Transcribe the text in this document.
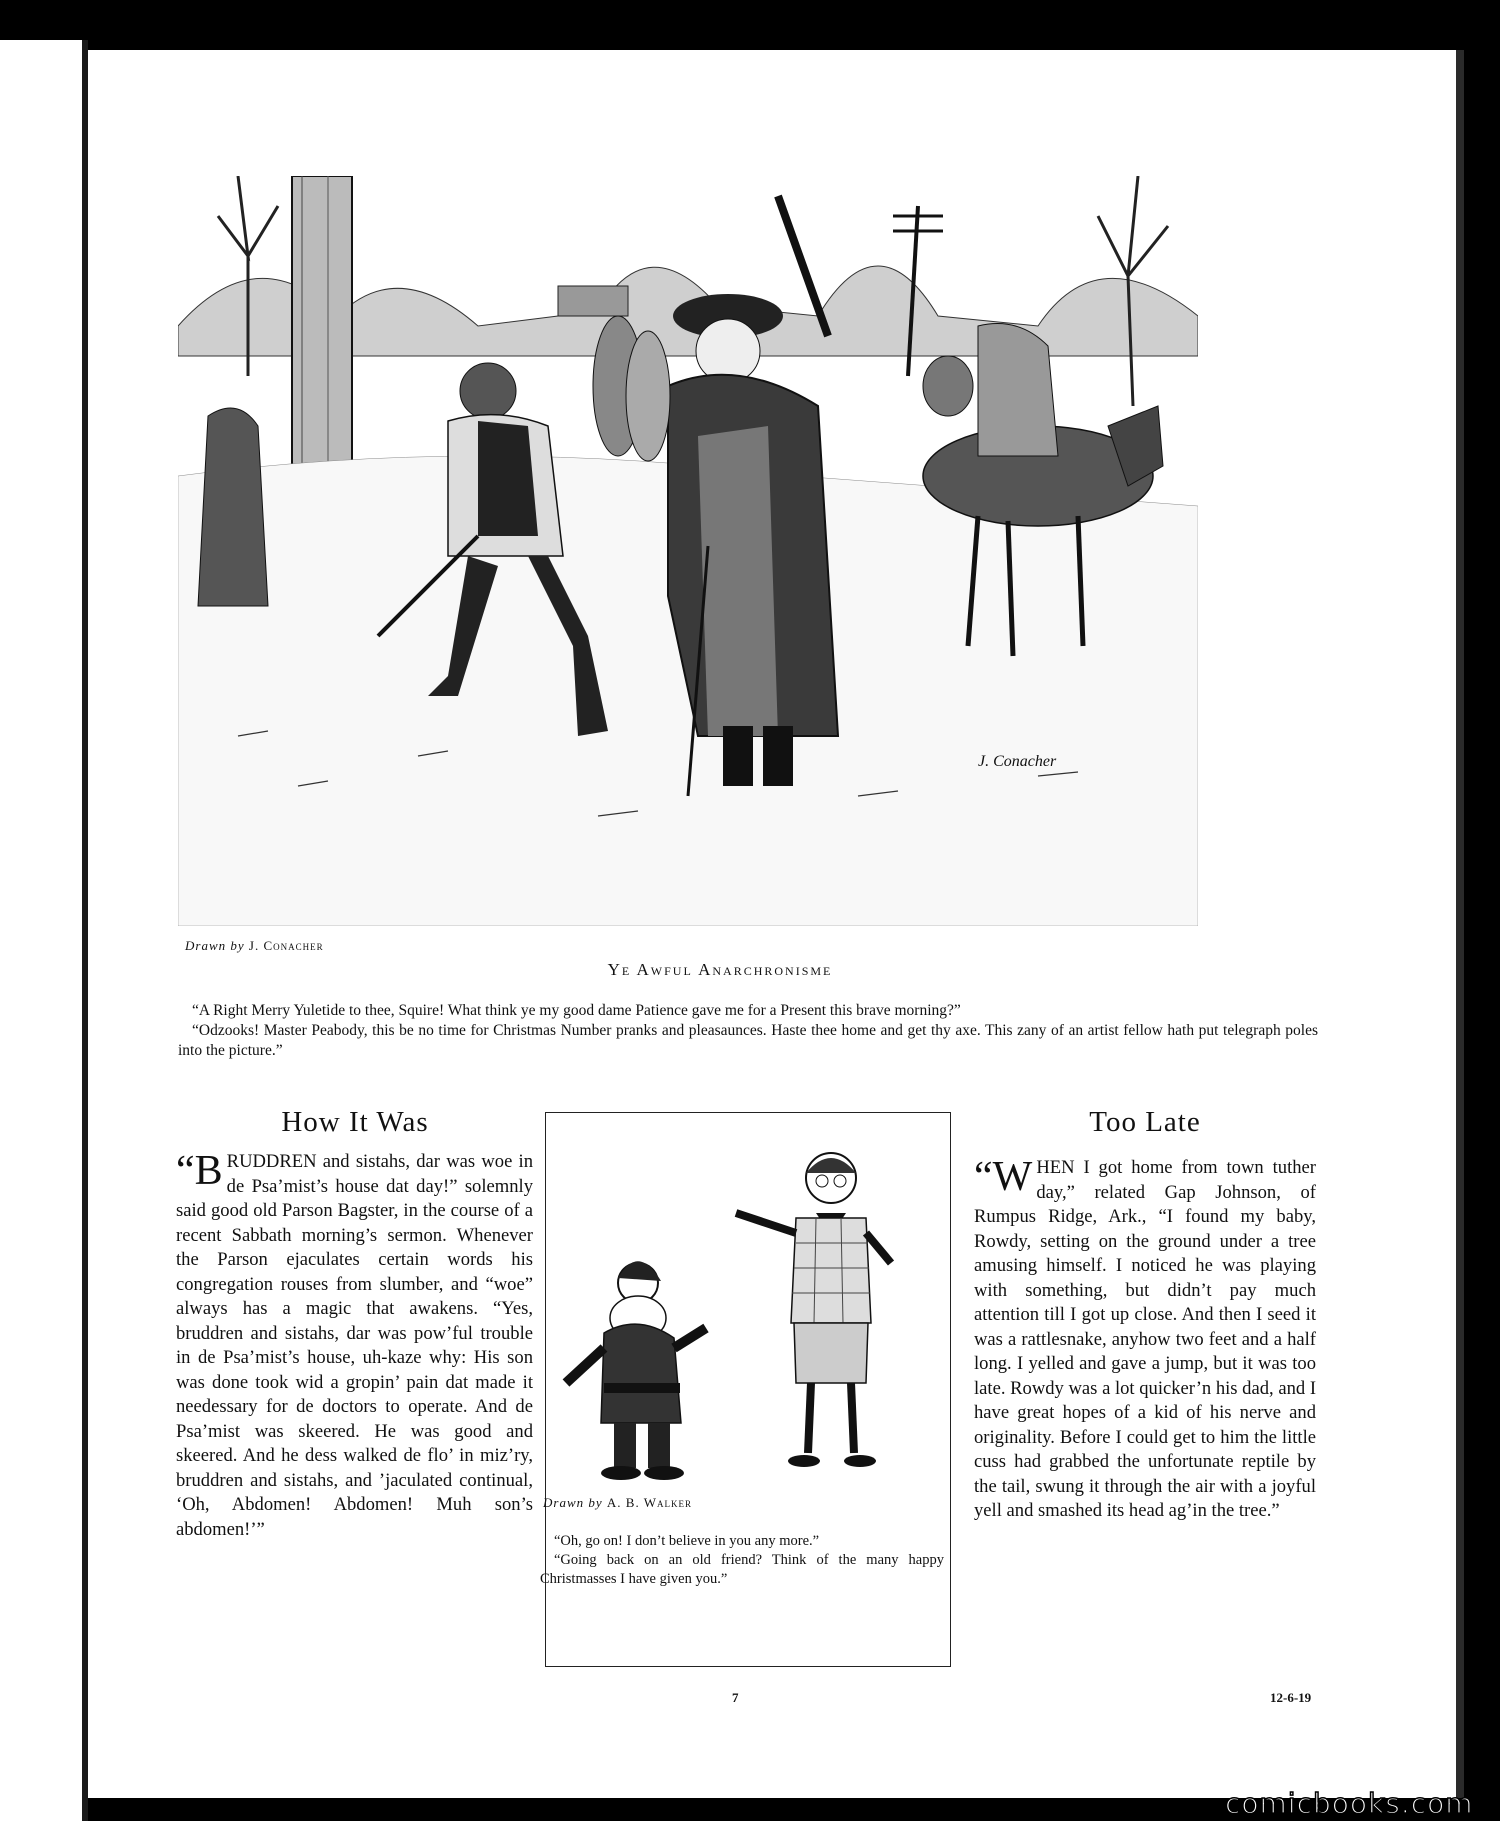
J. Conacher
Drawn by J. Conacher
Ye Awful Anarchronisme

“A Right Merry Yuletide to thee, Squire! What think ye my good dame Patience gave me for a Present this brave morning?”

“Odzooks! Master Peabody, this be no time for Christmas Number pranks and pleasaunces. Haste thee home and get thy axe. This zany of an artist fellow hath put telegraph poles into the picture.”

How It Was

“B RUDDREN and sistahs, dar was woe in de Psa’mist’s house dat day!” solemnly said good old Parson Bagster, in the course of a recent Sabbath morning’s sermon. Whenever the Parson ejaculates certain words his congregation rouses from slumber, and “woe” always has a magic that awakens. “Yes, bruddren and sistahs, dar was pow’ful trouble in de Psa’mist’s house, uh-kaze why: His son was done took wid a gropin’ pain dat made it needessary for de doctors to operate. And de Psa’mist was skeered. He was good and skeered. And he dess walked de flo’ in miz’ry, bruddren and sistahs, and ’jaculated continual, ‘Oh, Abdomen! Abdomen! Muh son’s abdomen!’”

Drawn by A. B. Walker

“Oh, go on! I don’t believe in you any more.”

“Going back on an old friend? Think of the many happy Christmasses I have given you.”

Too Late

“W HEN I got home from town tuther day,” related Gap Johnson, of Rumpus Ridge, Ark., “I found my baby, Rowdy, setting on the ground under a tree amusing himself. I noticed he was playing with something, but didn’t pay much attention till I got up close. And then I seed it was a rattlesnake, anyhow two feet and a half long. I yelled and gave a jump, but it was too late. Rowdy was a lot quicker’n his dad, and I have great hopes of a kid of his nerve and originality. Before I could get to him the little cuss had grabbed the unfortunate reptile by the tail, swung it through the air with a joyful yell and smashed its head ag’in the tree.”

7	12-6-19
comicbooks.com
